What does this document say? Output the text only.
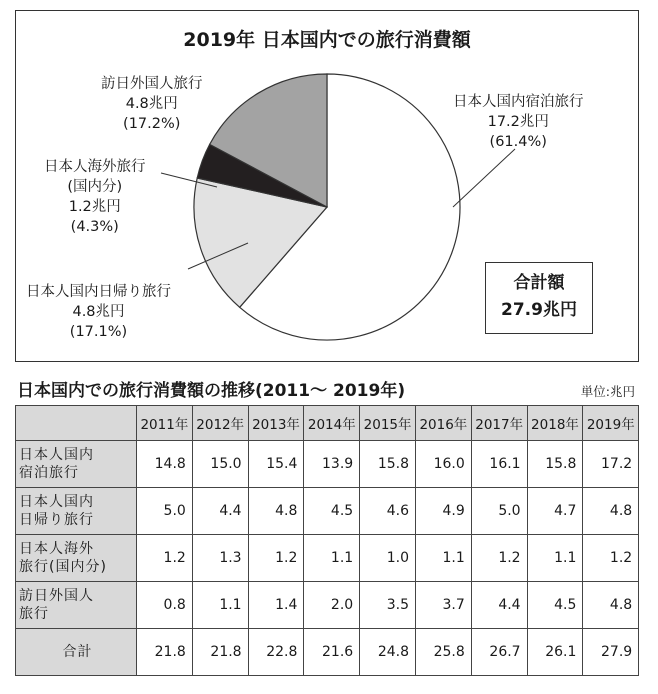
2019年 日本国内での旅行消費額
日本人国内宿泊旅行
17.2兆円
(61.4%)
日本人国内日帰り旅行
4.8兆円
(17.1%)
日本人海外旅行
(国内分)
1.2兆円
(4.3%)
訪日外国人旅行
4.8兆円
(17.2%)
合計額
27.9兆円
日本国内での旅行消費額の推移(2011～ 2019年)	単位:兆円
	2011年	2012年	2013年	2014年	2015年	2016年	2017年	2018年	2019年

日本人国内
宿泊旅行	14.8	15.0	15.4	13.9	15.8	16.0	16.1	15.8	17.2

日本人国内
日帰り旅行	5.0	4.4	4.8	4.5	4.6	4.9	5.0	4.7	4.8

日本人海外
旅行(国内分)	1.2	1.3	1.2	1.1	1.0	1.1	1.2	1.1	1.2

訪日外国人
旅行	0.8	1.1	1.4	2.0	3.5	3.7	4.4	4.5	4.8

合計	21.8	21.8	22.8	21.6	24.8	25.8	26.7	26.1	27.9
